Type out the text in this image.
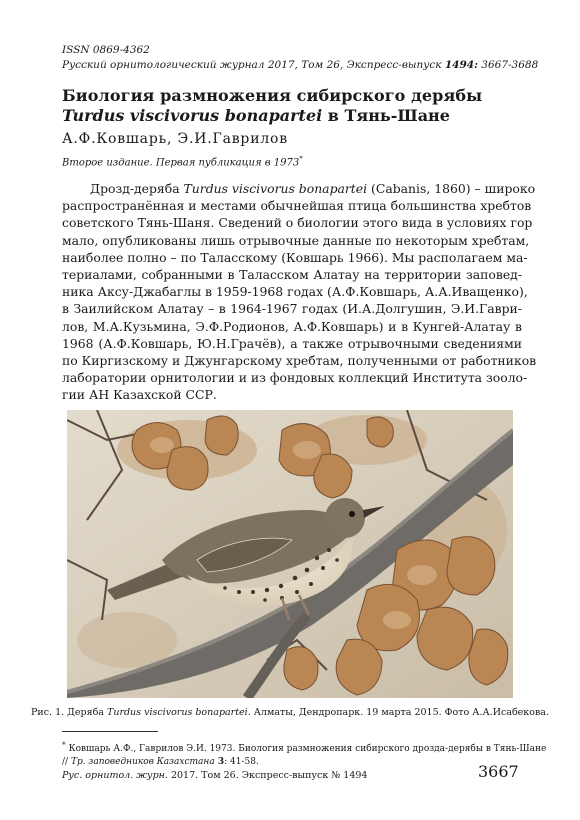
ISSN 0869-4362
Русский орнитологический журнал 2017, Том 26, Экспресс-выпуск 1494: 3667-3688
Биология размножения сибирского дерябы
Turdus viscivorus bonapartei в Тянь-Шане
А.Ф.Ковшарь, Э.И.Гаврилов
Второе издание. Первая публикация в 1973*
Дрозд-деряба Turdus viscivorus bonapartei (Cabanis, 1860) – широко
распространённая и местами обычнейшая птица большинства хребтов
советского Тянь-Шаня. Сведений о биологии этого вида в условиях гор
мало, опубликованы лишь отрывочные данные по некоторым хребтам,
наиболее полно – по Таласскому (Ковшарь 1966). Мы располагаем ма-
териалами, собранными в Таласском Алатау на территории заповед-
ника Аксу-Джабаглы в 1959-1968 годах (А.Ф.Ковшарь, А.А.Иващенко),
в Заилийском Алатау – в 1964-1967 годах (И.А.Долгушин, Э.И.Гаври-
лов, М.А.Кузьмина, Э.Ф.Родионов, А.Ф.Ковшарь) и в Кунгей-Алатау в
1968 (А.Ф.Ковшарь, Ю.Н.Грачёв), а также отрывочными сведениями
по Киргизскому и Джунгарскому хребтам, полученными от работников
лаборатории орнитологии и из фондовых коллекций Института зооло-
гии АН Казахской ССР.
Рис. 1. Деряба Turdus viscivorus bonapartei. Алматы, Дендропарк. 19 марта 2015. Фото А.А.Исабекова.
* Ковшарь А.Ф., Гаврилов Э.И. 1973. Биология размножения сибирского дрозда-дерябы в Тянь-Шане
// Тр. заповедников Казахстана 3: 41-58.
Рус. орнитол. журн. 2017. Том 26. Экспресс-выпуск № 1494	3667
